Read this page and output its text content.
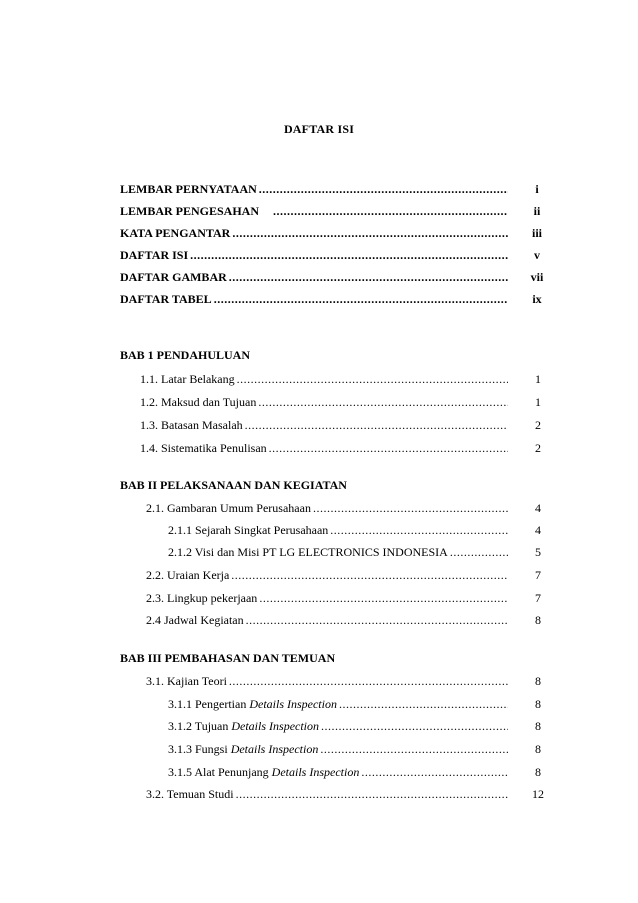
DAFTAR ISI
LEMBAR PERNYATAAN .....	i
LEMBAR PENGESAHAN .....	ii
KATA PENGANTAR .....	iii
DAFTAR ISI .....	v
DAFTAR GAMBAR .....	vii
DAFTAR TABEL .....	ix
BAB 1 PENDAHULUAN
1.1. Latar Belakang .....	1
1.2. Maksud dan Tujuan .....	1
1.3. Batasan Masalah .....	2
1.4. Sistematika Penulisan .....	2
BAB II PELAKSANAAN DAN KEGIATAN
2.1. Gambaran Umum Perusahaan .....	4
2.1.1 Sejarah Singkat Perusahaan .....	4
2.1.2 Visi dan Misi PT LG ELECTRONICS INDONESIA .....	5
2.2. Uraian Kerja .....	7
2.3. Lingkup pekerjaan .....	7
2.4 Jadwal Kegiatan .....	8
BAB III PEMBAHASAN DAN TEMUAN
3.1. Kajian Teori .....	8
3.1.1 Pengertian Details Inspection .....	8
3.1.2 Tujuan Details Inspection .....	8
3.1.3 Fungsi Details Inspection .....	8
3.1.5 Alat Penunjang Details Inspection .....	8
3.2. Temuan Studi .....	12
